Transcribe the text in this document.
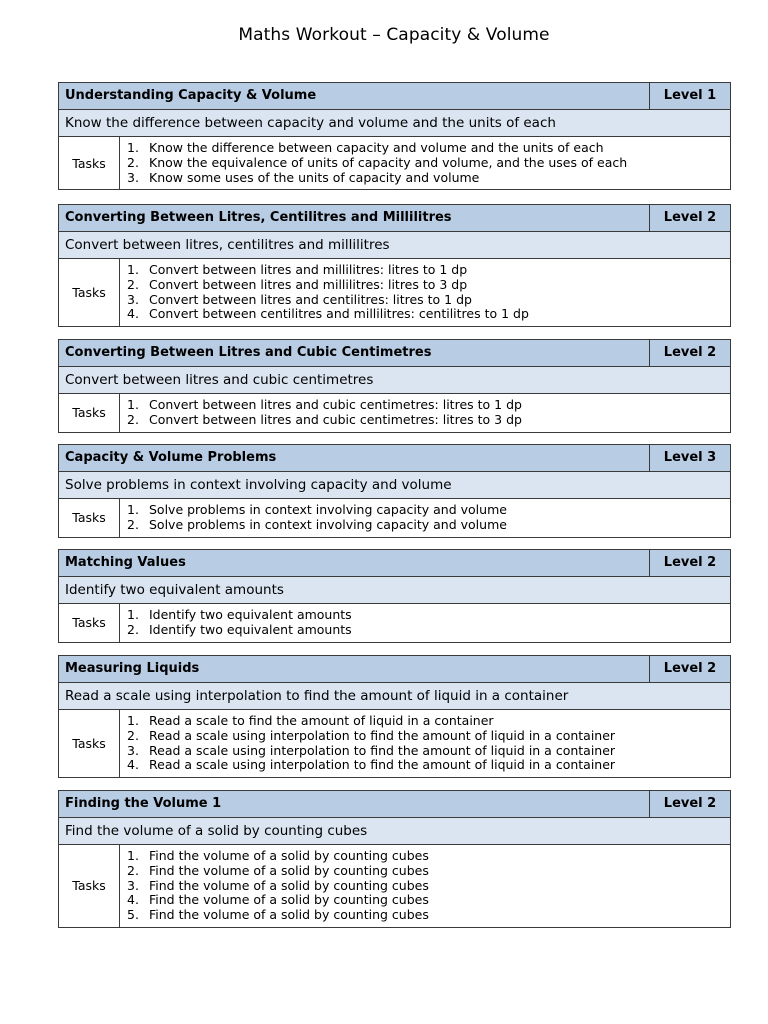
Maths Workout – Capacity & Volume
Understanding Capacity & Volume	Level 1
Know the difference between capacity and volume and the units of each
Tasks
1. Know the difference between capacity and volume and the units of each
2. Know the equivalence of units of capacity and volume, and the uses of each
3. Know some uses of the units of capacity and volume
Converting Between Litres, Centilitres and Millilitres	Level 2
Convert between litres, centilitres and millilitres
Tasks
1. Convert between litres and millilitres: litres to 1 dp
2. Convert between litres and millilitres: litres to 3 dp
3. Convert between litres and centilitres: litres to 1 dp
4. Convert between centilitres and millilitres: centilitres to 1 dp
Converting Between Litres and Cubic Centimetres	Level 2
Convert between litres and cubic centimetres
Tasks
1. Convert between litres and cubic centimetres: litres to 1 dp
2. Convert between litres and cubic centimetres: litres to 3 dp
Capacity & Volume Problems	Level 3
Solve problems in context involving capacity and volume
Tasks
1. Solve problems in context involving capacity and volume
2. Solve problems in context involving capacity and volume
Matching Values	Level 2
Identify two equivalent amounts
Tasks
1. Identify two equivalent amounts
2. Identify two equivalent amounts
Measuring Liquids	Level 2
Read a scale using interpolation to find the amount of liquid in a container
Tasks
1. Read a scale to find the amount of liquid in a container
2. Read a scale using interpolation to find the amount of liquid in a container
3. Read a scale using interpolation to find the amount of liquid in a container
4. Read a scale using interpolation to find the amount of liquid in a container
Finding the Volume 1	Level 2
Find the volume of a solid by counting cubes
Tasks
1. Find the volume of a solid by counting cubes
2. Find the volume of a solid by counting cubes
3. Find the volume of a solid by counting cubes
4. Find the volume of a solid by counting cubes
5. Find the volume of a solid by counting cubes
